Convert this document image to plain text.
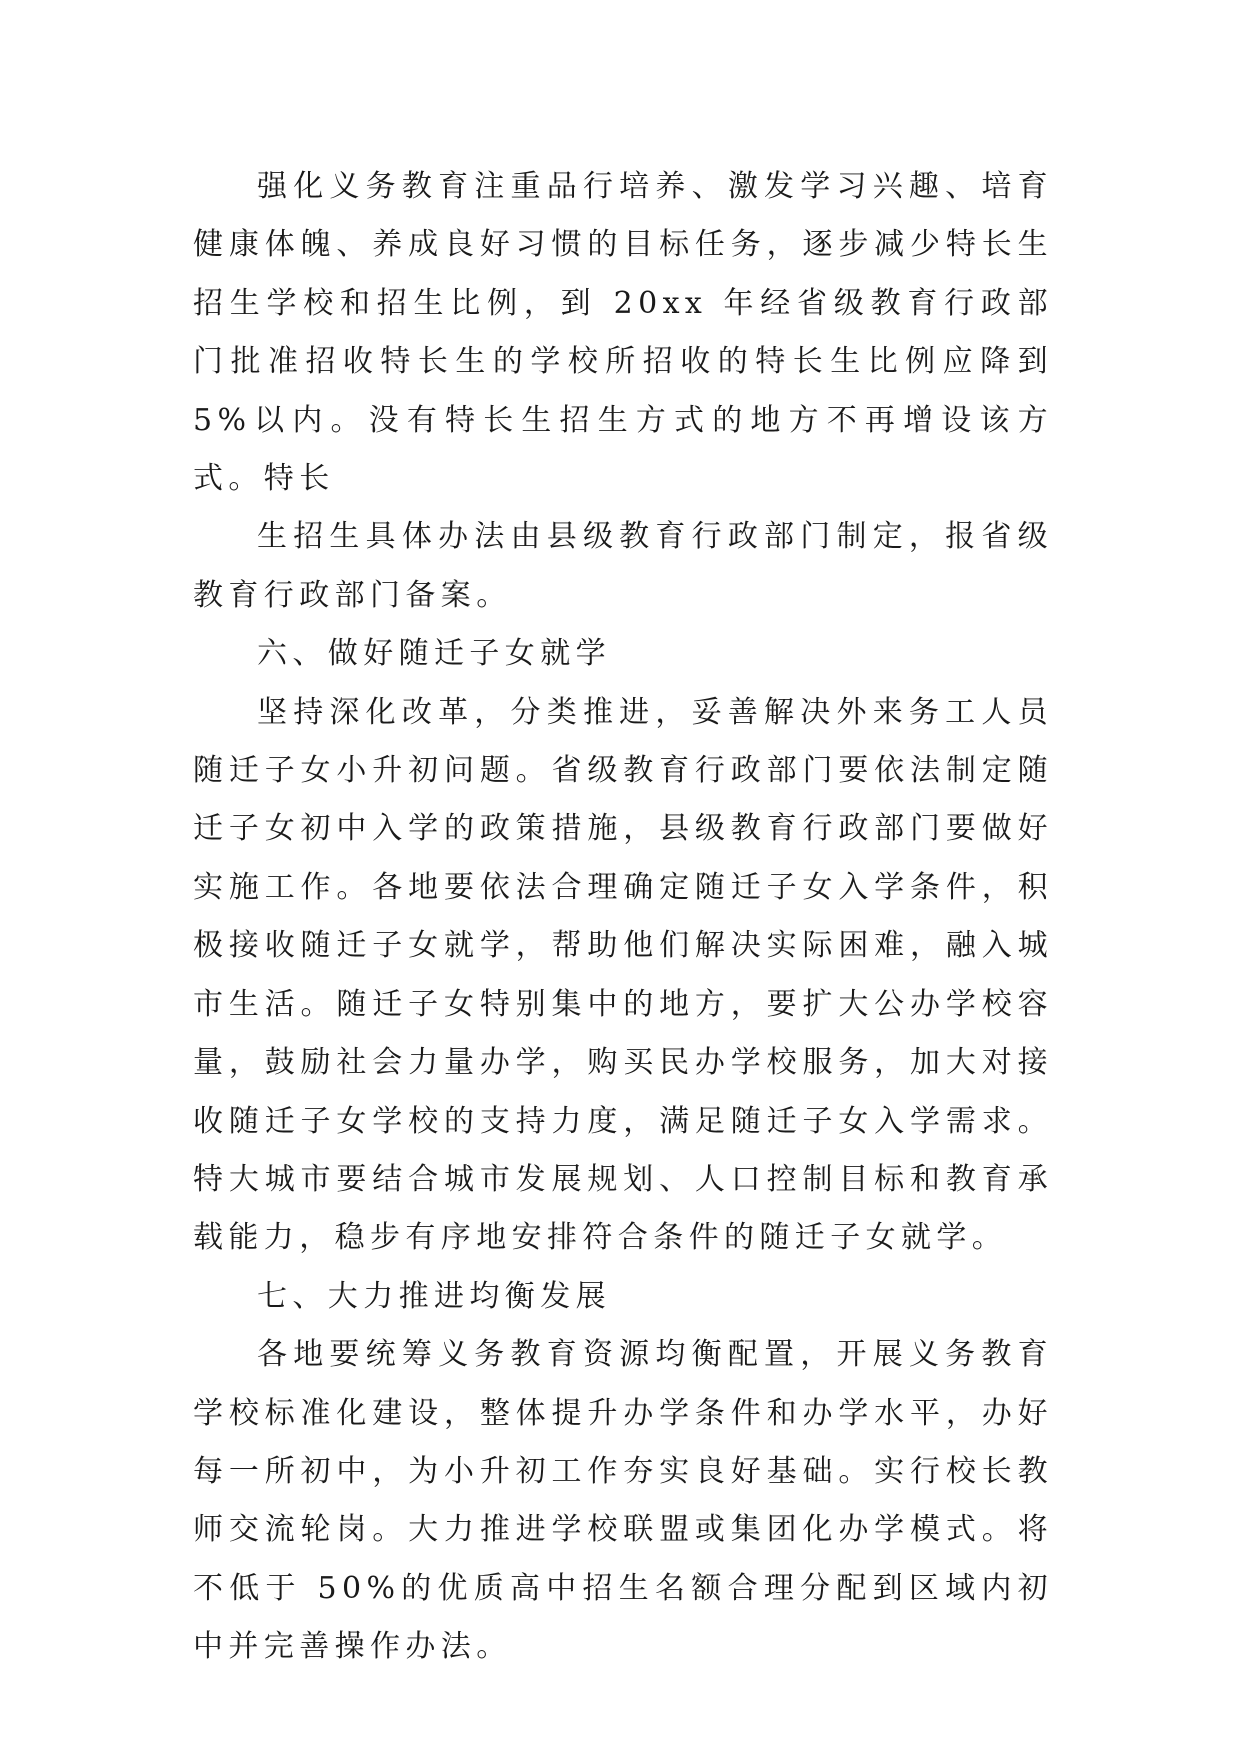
强化义务教育注重品行培养、激发学习兴趣、培育健康体魄、养成良好习惯的目标任务，逐步减少特长生招生学校和招生比例，到 20xx 年经省级教育行政部门批准招收特长生的学校所招收的特长生比例应降到 5%以内。没有特长生招生方式的地方不再增设该方式。特长

生招生具体办法由县级教育行政部门制定，报省级教育行政部门备案。

六、做好随迁子女就学

坚持深化改革，分类推进，妥善解决外来务工人员随迁子女小升初问题。省级教育行政部门要依法制定随迁子女初中入学的政策措施，县级教育行政部门要做好实施工作。各地要依法合理确定随迁子女入学条件，积极接收随迁子女就学，帮助他们解决实际困难，融入城市生活。随迁子女特别集中的地方，要扩大公办学校容量，鼓励社会力量办学，购买民办学校服务，加大对接收随迁子女学校的支持力度，满足随迁子女入学需求。特大城市要结合城市发展规划、人口控制目标和教育承载能力，稳步有序地安排符合条件的随迁子女就学。

七、大力推进均衡发展

各地要统筹义务教育资源均衡配置，开展义务教育学校标准化建设，整体提升办学条件和办学水平，办好每一所初中，为小升初工作夯实良好基础。实行校长教师交流轮岗。大力推进学校联盟或集团化办学模式。将不低于 50%的优质高中招生名额合理分配到区域内初中并完善操作办法。
